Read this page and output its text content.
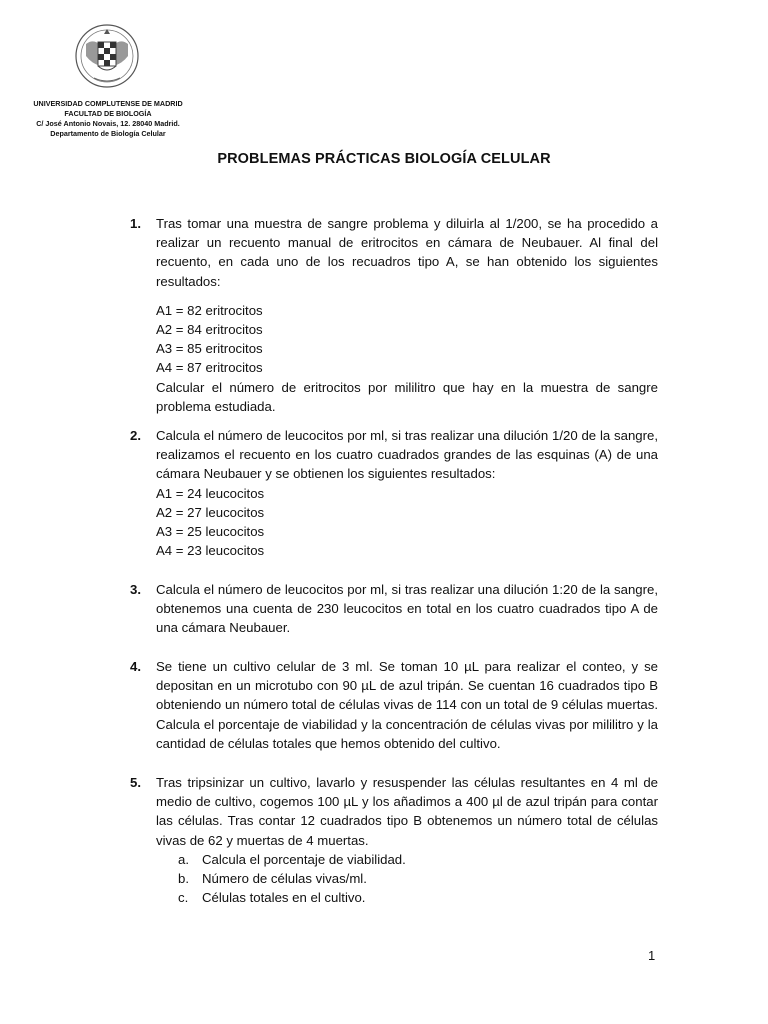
UNIVERSIDAD COMPLUTENSE DE MADRID
FACULTAD DE BIOLOGÍA
C/ José Antonio Novais, 12. 28040 Madrid.
Departamento de Biología Celular
PROBLEMAS PRÁCTICAS BIOLOGÍA CELULAR
1. Tras tomar una muestra de sangre problema y diluirla al 1/200, se ha procedido a realizar un recuento manual de eritrocitos en cámara de Neubauer. Al final del recuento, en cada uno de los recuadros tipo A, se han obtenido los siguientes resultados:
A1 = 82 eritrocitos
A2 = 84 eritrocitos
A3 = 85 eritrocitos
A4 = 87 eritrocitos
Calcular el número de eritrocitos por mililitro que hay en la muestra de sangre problema estudiada.
2. Calcula el número de leucocitos por ml, si tras realizar una dilución 1/20 de la sangre, realizamos el recuento en los cuatro cuadrados grandes de las esquinas (A) de una cámara Neubauer y se obtienen los siguientes resultados:
A1 = 24 leucocitos
A2 = 27 leucocitos
A3 = 25 leucocitos
A4 = 23 leucocitos
3. Calcula el número de leucocitos por ml, si tras realizar una dilución 1:20 de la sangre, obtenemos una cuenta de 230 leucocitos en total en los cuatro cuadrados tipo A de una cámara Neubauer.
4. Se tiene un cultivo celular de 3 ml. Se toman 10 µL para realizar el conteo, y se depositan en un microtubo con 90 µL de azul tripán. Se cuentan 16 cuadrados tipo B obteniendo un número total de células vivas de 114 con un total de 9 células muertas. Calcula el porcentaje de viabilidad y la concentración de células vivas por mililitro y la cantidad de células totales que hemos obtenido del cultivo.
5. Tras tripsinizar un cultivo, lavarlo y resuspender las células resultantes en 4 ml de medio de cultivo, cogemos 100 µL y los añadimos a 400 µl de azul tripán para contar las células. Tras contar 12 cuadrados tipo B obtenemos un número total de células vivas de 62 y muertas de 4 muertas.
a. Calcula el porcentaje de viabilidad.
b. Número de células vivas/ml.
c. Células totales en el cultivo.
1
